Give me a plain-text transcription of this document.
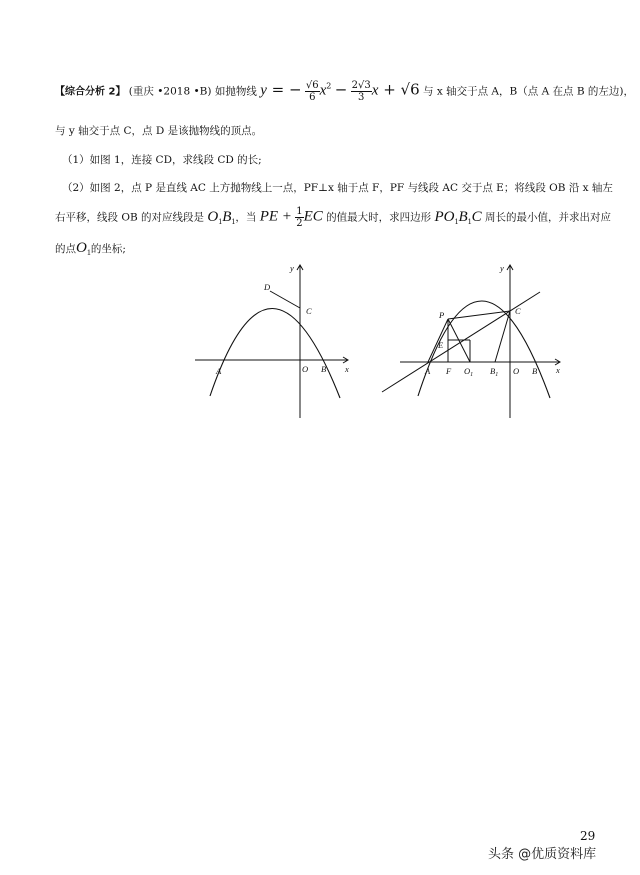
【综合分析 2】 (重庆 •2018 •B) 如抛物线 y = − $\frac{√6}{6} x^2 - \frac{2√3}{3}$ x + √6 与 x 轴交于点 A，B（点 A 在点 B 的左边)，
与 y 轴交于点 C，点 D 是该抛物线的顶点。
（1）如图 1，连接 CD，求线段 CD 的长;
（2）如图 2，点 P 是直线 AC 上方抛物线上一点，PF⊥x 轴于点 F，PF 与线段 AC 交于点 E；将线段 OB 沿 x 轴左
右平移，线段 OB 的对应线段是 $O_1B_1$，当 PE + $\frac{1}{2}$ EC 的值最大时，求四边形 $PO_1B_1C$ 周长的最小值，并求出对应
的点$O_1$的坐标;
y
x
D
C
A	O B
y
x
P	C
E
A F $O_1$ $B_1$ O B
29
头条 @优质资料库
